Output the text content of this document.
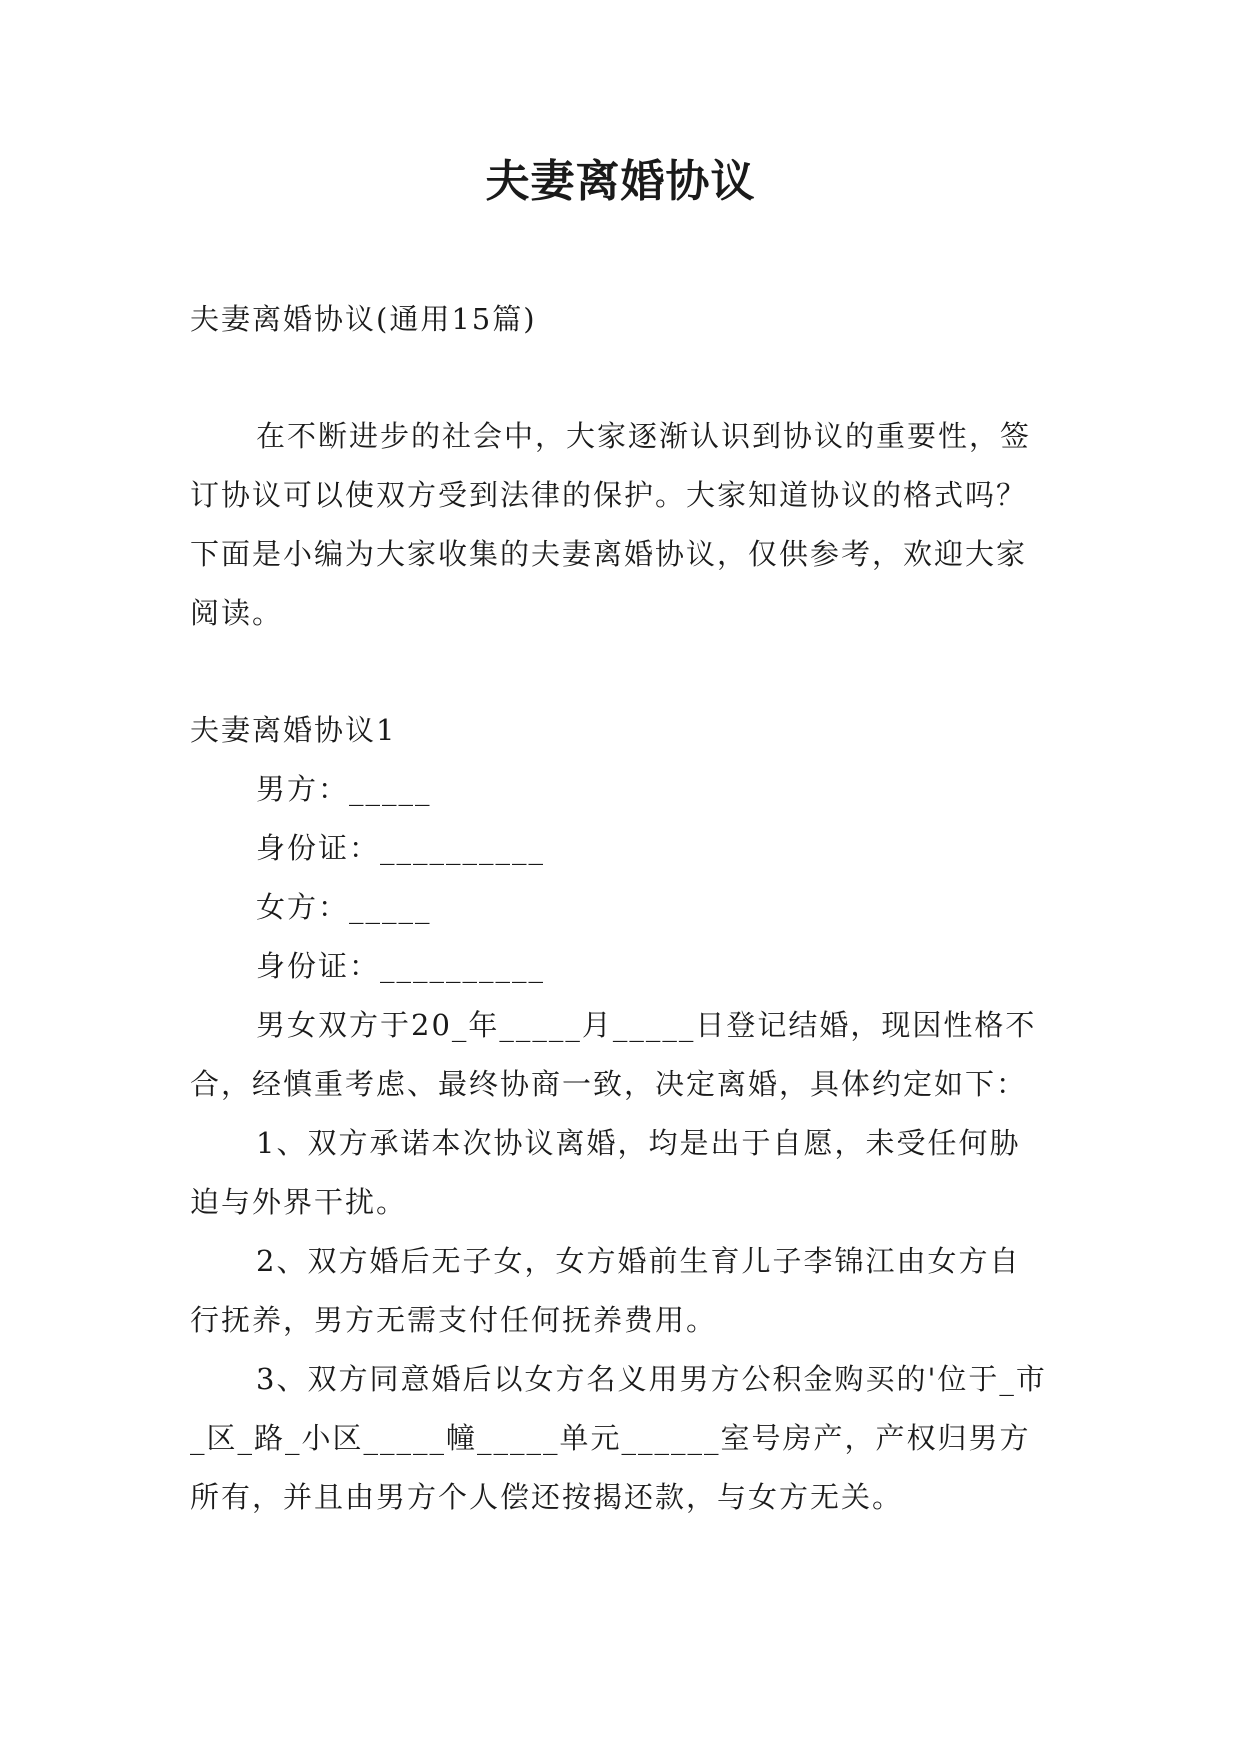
夫妻离婚协议

夫妻离婚协议(通用15篇)

在不断进步的社会中，大家逐渐认识到协议的重要性，签订协议可以使双方受到法律的保护。大家知道协议的格式吗？下面是小编为大家收集的夫妻离婚协议，仅供参考，欢迎大家阅读。

夫妻离婚协议1

男方：_____

身份证：__________

女方：_____

身份证：__________

男女双方于20_年_____月_____日登记结婚，现因性格不合，经慎重考虑、最终协商一致，决定离婚，具体约定如下：

1、双方承诺本次协议离婚，均是出于自愿，未受任何胁迫与外界干扰。

2、双方婚后无子女，女方婚前生育儿子李锦江由女方自行抚养，男方无需支付任何抚养费用。

3、双方同意婚后以女方名义用男方公积金购买的'位于_市_区_路_小区_____幢_____单元______室号房产，产权归男方所有，并且由男方个人偿还按揭还款，与女方无关。
